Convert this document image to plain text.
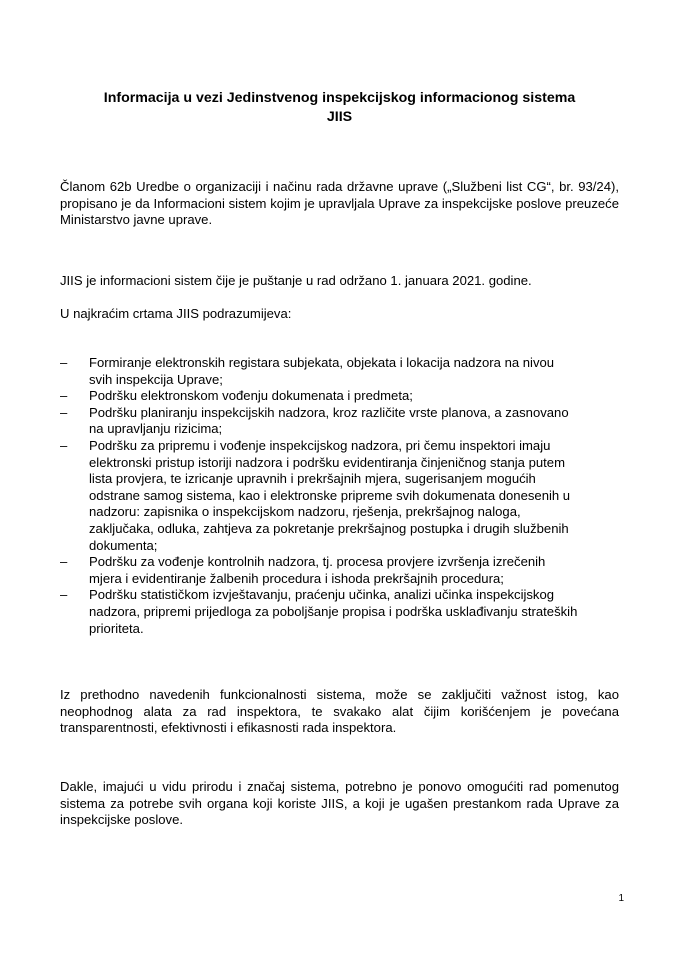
Informacija u vezi Jedinstvenog inspekcijskog informacionog sistema
JIIS

Članom 62b Uredbe o organizaciji i načinu rada državne uprave („Službeni list CG“, br. 93/24), propisano je da Informacioni sistem kojim je upravljala Uprave za inspekcijske poslove preuzeće Ministarstvo javne uprave.

JIIS je informacioni sistem čije je puštanje u rad održano 1. januara 2021. godine.

U najkraćim crtama JIIS podrazumijeva:

–	Formiranje elektronskih registara subjekata, objekata i lokacija nadzora na nivou svih inspekcija Uprave;
–	Podršku elektronskom vođenju dokumenata i predmeta;
–	Podršku planiranju inspekcijskih nadzora, kroz različite vrste planova, a zasnovano na upravljanju rizicima;
–	Podršku za pripremu i vođenje inspekcijskog nadzora, pri čemu inspektori imaju elektronski pristup istoriji nadzora i podršku evidentiranja činjeničnog stanja putem lista provjera, te izricanje upravnih i prekršajnih mjera, sugerisanjem mogućih odstrane samog sistema, kao i elektronske pripreme svih dokumenata donesenih u nadzoru: zapisnika o inspekcijskom nadzoru, rješenja, prekršajnog naloga, zaključaka, odluka, zahtjeva za pokretanje prekršajnog postupka i drugih službenih dokumenta;
–	Podršku za vođenje kontrolnih nadzora, tj. procesa provjere izvršenja izrečenih mjera i evidentiranje žalbenih procedura i ishoda prekršajnih procedura;
–	Podršku statističkom izvještavanju, praćenju učinka, analizi učinka inspekcijskog nadzora, pripremi prijedloga za poboljšanje propisa i podrška usklađivanju strateških prioriteta.

Iz prethodno navedenih funkcionalnosti sistema, može se zaključiti važnost istog, kao neophodnog alata za rad inspektora, te svakako alat čijim korišćenjem je povećana transparentnosti, efektivnosti i efikasnosti rada inspektora.

Dakle, imajući u vidu prirodu i značaj sistema, potrebno je ponovo omogućiti rad pomenutog sistema za potrebe svih organa koji koriste JIIS, a koji je ugašen prestankom rada Uprave za inspekcijske poslove.

1
